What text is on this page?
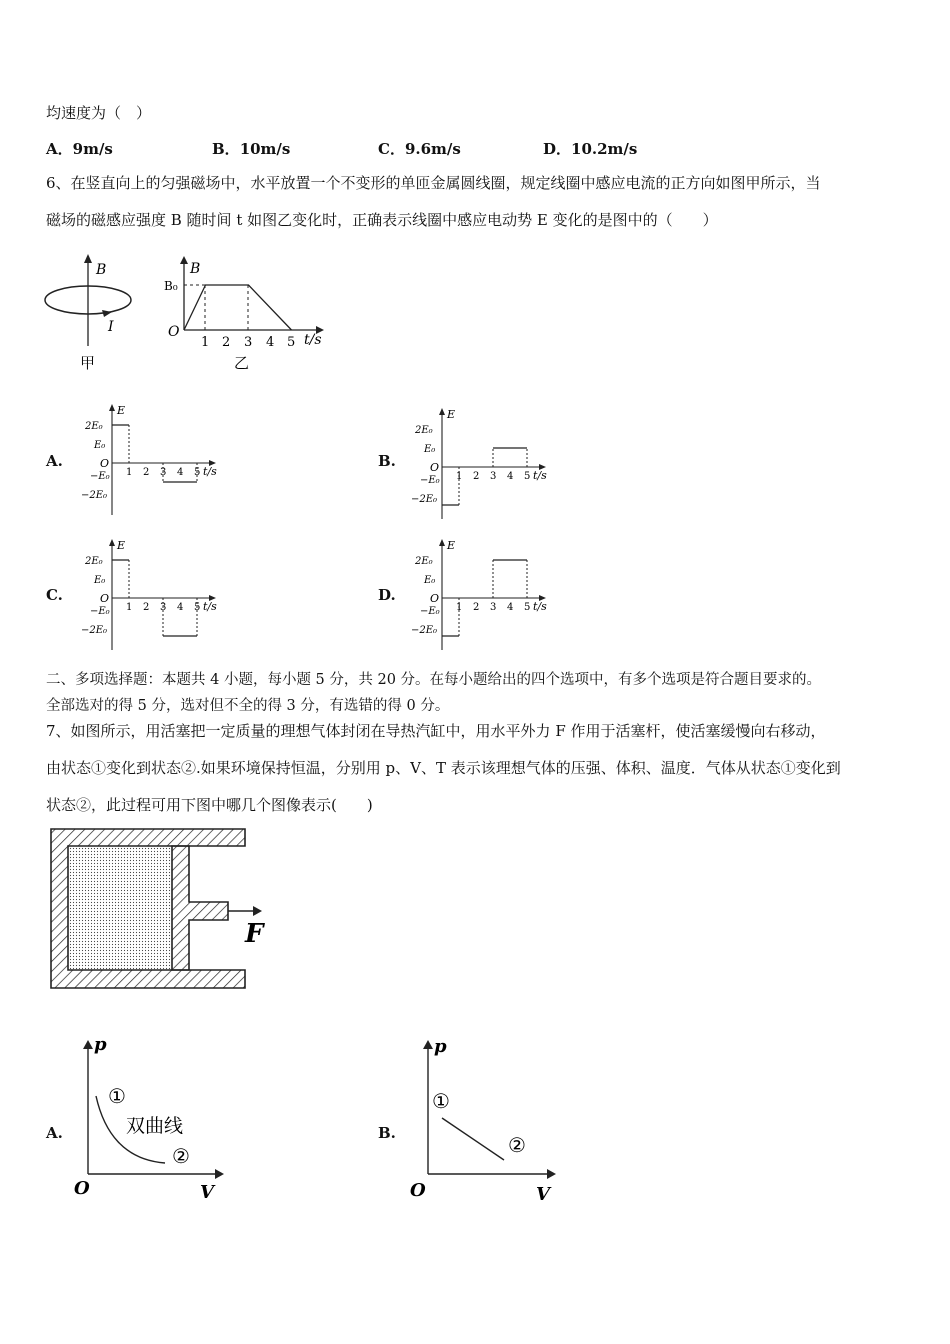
均速度为（　）
A．9m/s	B．10m/s	C．9.6m/s	D．10.2m/s
6、在竖直向上的匀强磁场中，水平放置一个不变形的单匝金属圆线圈，规定线圈中感应电流的正方向如图甲所示，当
磁场的磁感应强度 B 随时间 t 如图乙变化时，正确表示线圈中感应电动势 E 变化的是图中的（　　）
B
I
甲
B
B₀
O
1 2 3 4 5 t/s
乙
A.	B.
C.	D.
2E₀
E₀
O
−E₀
−2E₀
E
1 2 3 4 5 t/s
2E₀
E₀
O
−E₀
−2E₀
E
1 2 3 4 5 t/s
2E₀
E₀
O
−E₀
−2E₀
E
1 2 3 4 5 t/s
2E₀
E₀
O
−E₀
−2E₀
E
1 2 3 4 5 t/s
二、多项选择题：本题共 4 小题，每小题 5 分，共 20 分。在每小题给出的四个选项中，有多个选项是符合题目要求的。
全部选对的得 5 分，选对但不全的得 3 分，有选错的得 0 分。
7、如图所示，用活塞把一定质量的理想气体封闭在导热汽缸中，用水平外力 F 作用于活塞杆，使活塞缓慢向右移动，
由状态①变化到状态②.如果环境保持恒温，分别用 p、V、T 表示该理想气体的压强、体积、温度．气体从状态①变化到
状态②，此过程可用下图中哪几个图像表示(　　)
F
A.
p
V
O
①
②
双曲线	B.
p
V
O
①
②
